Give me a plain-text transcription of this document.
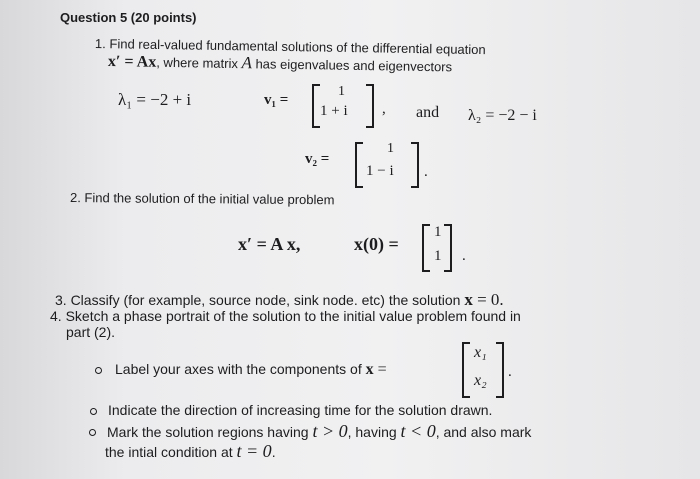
Question 5 (20 points)
1. Find real-valued fundamental solutions of the differential equation
x′ = Ax, where matrix A has eigenvalues and eigenvectors
λ₁ = −2 + i	v₁ =
1
1 + i , and λ₂ = −2 − i
v₂ =
1
1 − i .
2. Find the solution of the initial value problem
x′ = A x,	x(0) =
1
1 .
3. Classify (for example, source node, sink node. etc) the solution x = 0.
4. Sketch a phase portrait of the solution to the initial value problem found in
part (2).
Label your axes with the components of x =
x₁
x₂ .
Indicate the direction of increasing time for the solution drawn.
Mark the solution regions having t > 0, having t < 0, and also mark
the intial condition at t = 0.
